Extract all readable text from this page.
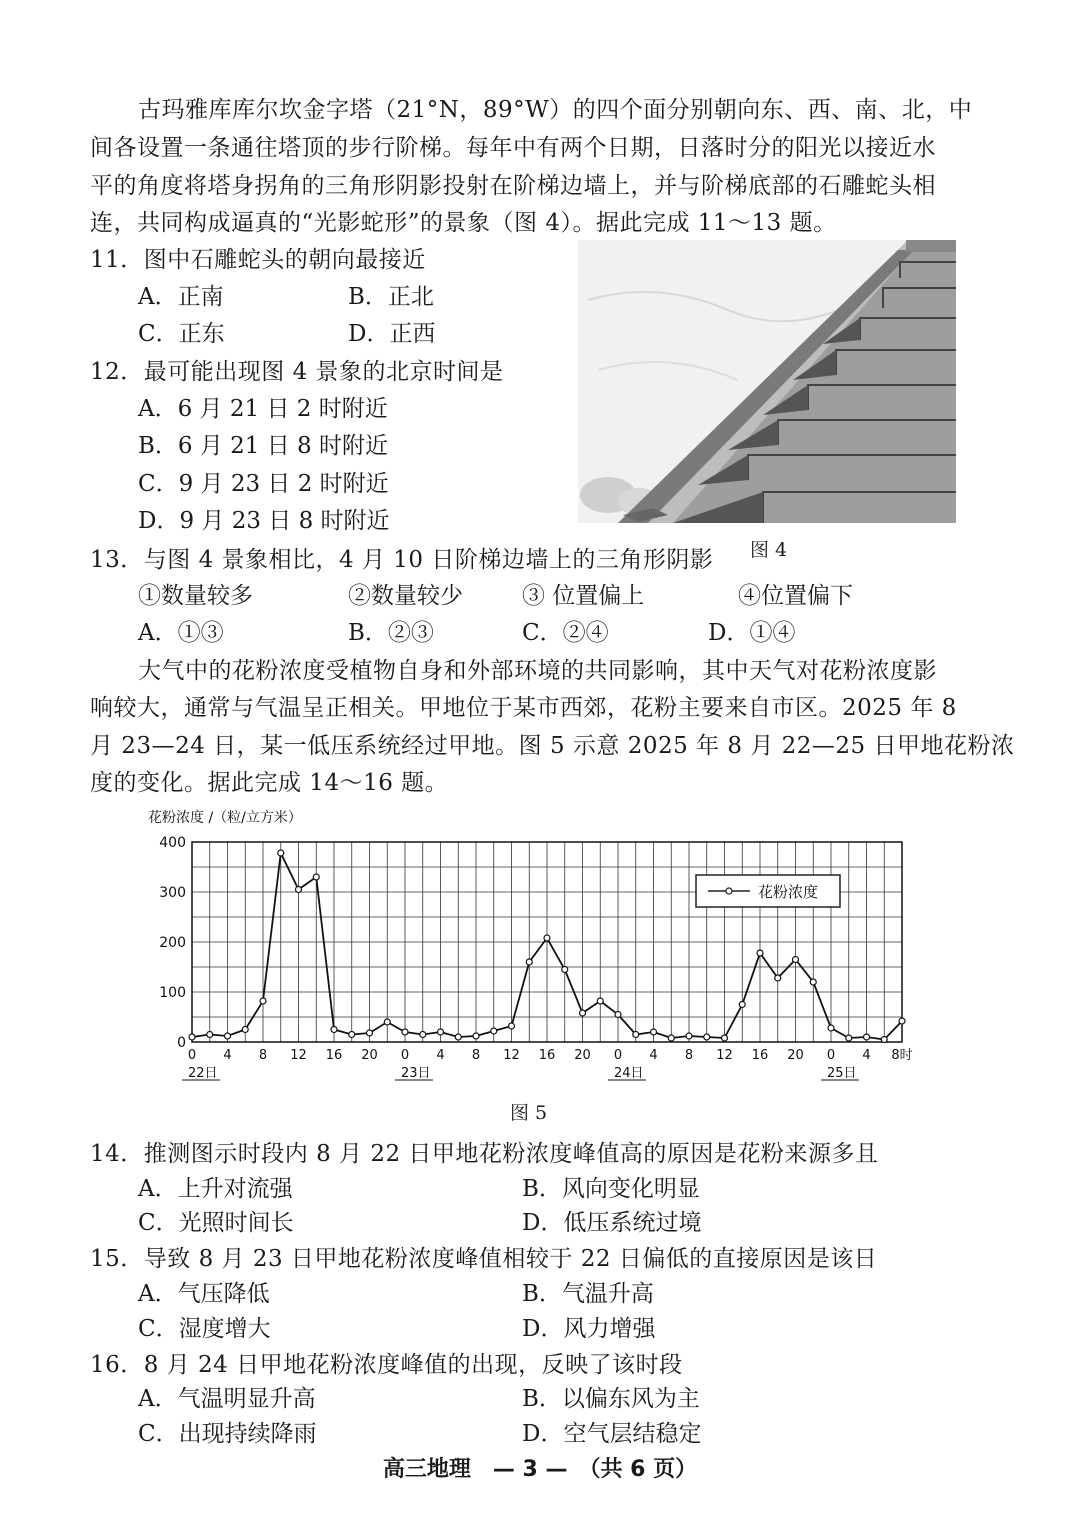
古玛雅库库尔坎金字塔（21°N，89°W）的四个面分别朝向东、西、南、北，中
间各设置一条通往塔顶的步行阶梯。每年中有两个日期，日落时分的阳光以接近水
平的角度将塔身拐角的三角形阴影投射在阶梯边墙上，并与阶梯底部的石雕蛇头相
连，共同构成逼真的“光影蛇形”的景象（图 4）。据此完成 11～13 题。
11．图中石雕蛇头的朝向最接近
A．正南	B．正北
C．正东	D．正西
12．最可能出现图 4 景象的北京时间是
A．6 月 21 日 2 时附近
B．6 月 21 日 8 时附近
C．9 月 23 日 2 时附近
D．9 月 23 日 8 时附近
图 4
13．与图 4 景象相比，4 月 10 日阶梯边墙上的三角形阴影
①数量较多	②数量较少	③ 位置偏上	④位置偏下
A．①③	B．②③	C．②④	D．①④
大气中的花粉浓度受植物自身和外部环境的共同影响，其中天气对花粉浓度影
响较大，通常与气温呈正相关。甲地位于某市西郊，花粉主要来自市区。2025 年 8
月 23—24 日，某一低压系统经过甲地。图 5 示意 2025 年 8 月 22—25 日甲地花粉浓
度的变化。据此完成 14～16 题。
花粉浓度 /（粒/立方米）
0
100
200
300
400
0 4 8 12 16 20 0 4 8 12 16 20 0 4 8 12 16 20 0 4 8时
22日	23日	24日	25日
花粉浓度
图 5
14．推测图示时段内 8 月 22 日甲地花粉浓度峰值高的原因是花粉来源多且
A．上升对流强	B．风向变化明显
C．光照时间长	D．低压系统过境
15．导致 8 月 23 日甲地花粉浓度峰值相较于 22 日偏低的直接原因是该日
A．气压降低	B．气温升高
C．湿度增大	D．风力增强
16．8 月 24 日甲地花粉浓度峰值的出现，反映了该时段
A．气温明显升高	B．以偏东风为主
C．出现持续降雨	D．空气层结稳定
高三地理　— 3 —　（共 6 页）
